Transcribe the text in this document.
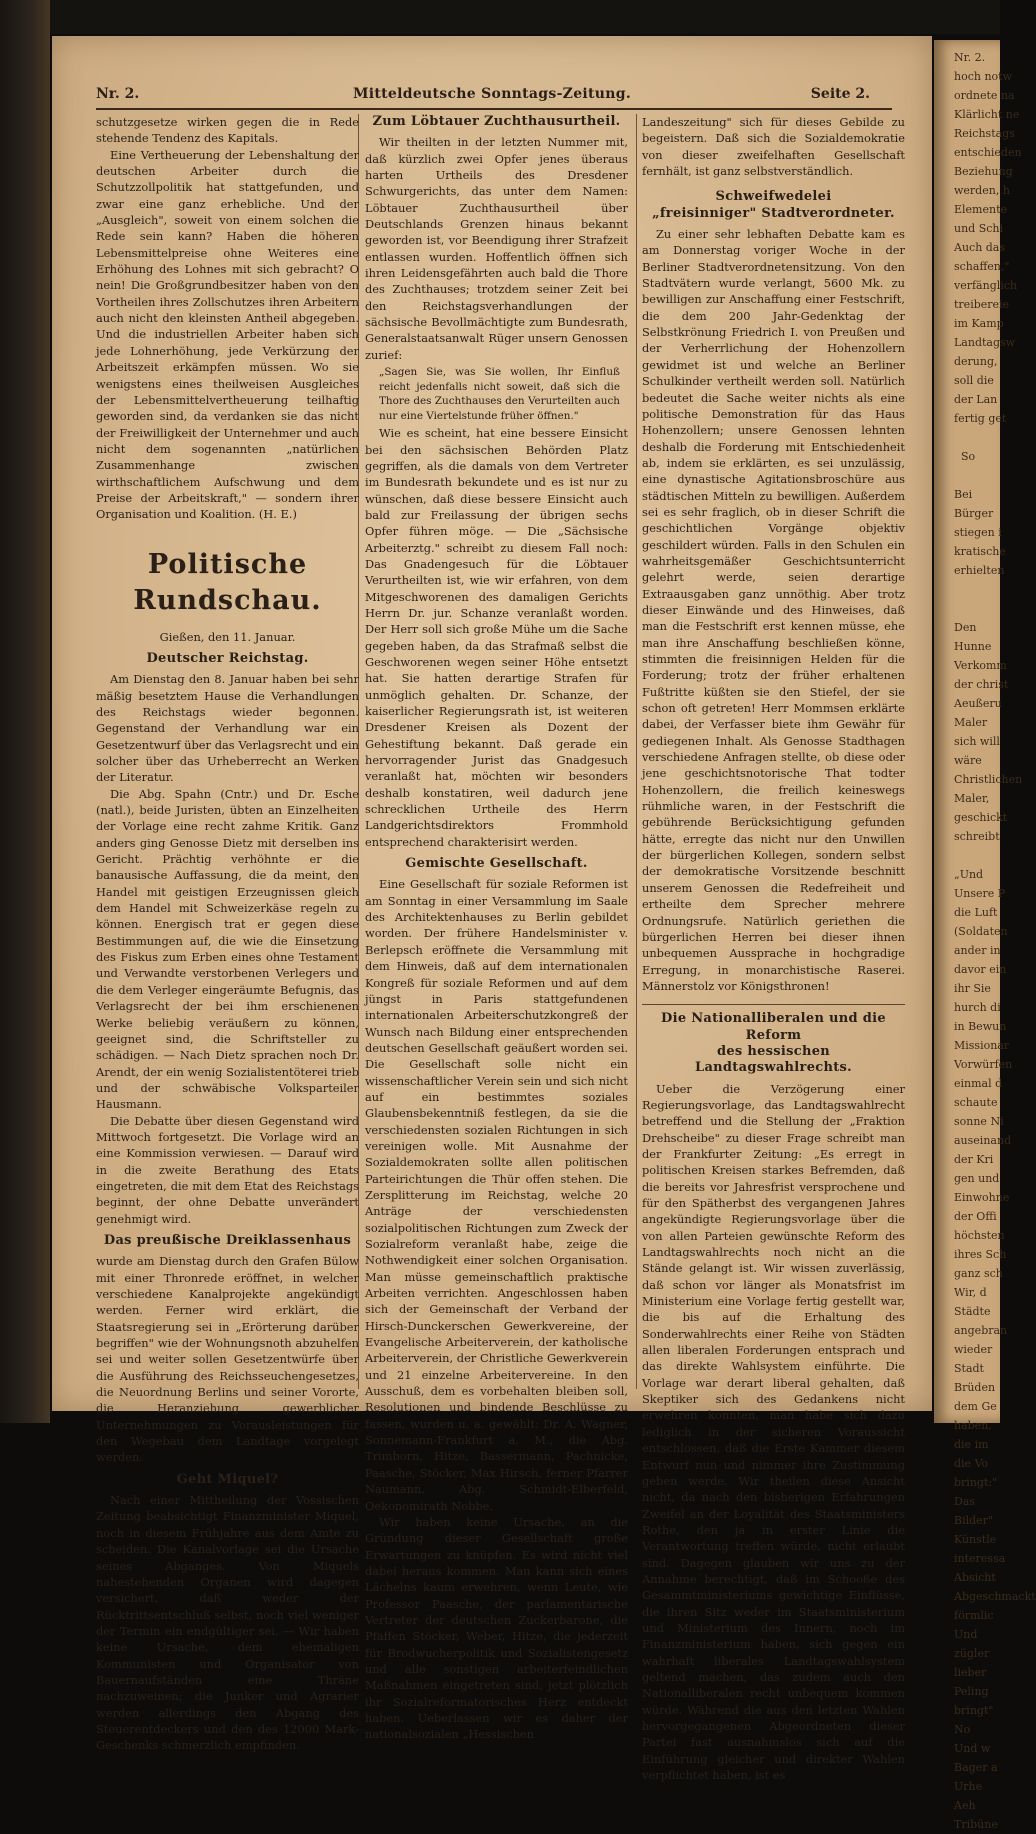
Nr. 2.	Mitteldeutsche Sonntags-Zeitung.	Seite 2.

schutzgesetze wirken gegen die in Rede stehende Tendenz des Kapitals.

Eine Vertheuerung der Lebenshaltung der deutschen Arbeiter durch die Schutzzollpolitik hat stattgefunden, und zwar eine ganz erhebliche. Und der „Ausgleich", soweit von einem solchen die Rede sein kann? Haben die höheren Lebensmittelpreise ohne Weiteres eine Erhöhung des Lohnes mit sich gebracht? O nein! Die Großgrundbesitzer haben von den Vortheilen ihres Zollschutzes ihren Arbeitern auch nicht den kleinsten Antheil abgegeben. Und die industriellen Arbeiter haben sich jede Lohnerhöhung, jede Verkürzung der Arbeitszeit erkämpfen müssen. Wo sie wenigstens eines theilweisen Ausgleiches der Lebensmittelvertheuerung teilhaftig geworden sind, da verdanken sie das nicht der Freiwilligkeit der Unternehmer und auch nicht dem sogenannten „natürlichen Zusammenhange zwischen wirthschaftlichem Aufschwung und dem Preise der Arbeitskraft," — sondern ihrer Organisation und Koalition. (H. E.)

Politische Rundschau.
Gießen, den 11. Januar.
Deutscher Reichstag.

Am Dienstag den 8. Januar haben bei sehr mäßig besetztem Hause die Verhandlungen des Reichstags wieder begonnen. Gegenstand der Verhandlung war ein Gesetzentwurf über das Verlagsrecht und ein solcher über das Urheberrecht an Werken der Literatur.

Die Abg. Spahn (Cntr.) und Dr. Esche (natl.), beide Juristen, übten an Einzelheiten der Vorlage eine recht zahme Kritik. Ganz anders ging Genosse Dietz mit derselben ins Gericht. Prächtig verhöhnte er die banausische Auffassung, die da meint, den Handel mit geistigen Erzeugnissen gleich dem Handel mit Schweizerkäse regeln zu können. Energisch trat er gegen diese Bestimmungen auf, die wie die Einsetzung des Fiskus zum Erben eines ohne Testament und Verwandte verstorbenen Verlegers und die dem Verleger eingeräumte Befugnis, das Verlagsrecht der bei ihm erschienenen Werke beliebig veräußern zu können, geeignet sind, die Schriftsteller zu schädigen. — Nach Dietz sprachen noch Dr. Arendt, der ein wenig Sozialistentöterei trieb und der schwäbische Volksparteiler Hausmann.

Die Debatte über diesen Gegenstand wird Mittwoch fortgesetzt. Die Vorlage wird an eine Kommission verwiesen. — Darauf wird in die zweite Berathung des Etats eingetreten, die mit dem Etat des Reichstags beginnt, der ohne Debatte unverändert genehmigt wird.

Das preußische Dreiklassenhaus

wurde am Dienstag durch den Grafen Bülow mit einer Thronrede eröffnet, in welcher verschiedene Kanalprojekte angekündigt werden. Ferner wird erklärt, die Staatsregierung sei in „Erörterung darüber begriffen" wie der Wohnungsnoth abzuhelfen sei und weiter sollen Gesetzentwürfe über die Ausführung des Reichsseuchengesetzes, die Neuordnung Berlins und seiner Vororte, die Heranziehung gewerblicher Unternehmungen zu Vorausleistungen für den Wegebau dem Landtage vorgelegt werden.

Geht Miquel?

Nach einer Mittheilung der Vossischen Zeitung beabsichtigt Finanzminister Miquel, noch in diesem Frühjahre aus dem Amte zu scheiden. Die Kanalvorlage sei die Ursache seines Abganges. Von Miquels nahestehenden Organen wird dagegen versichert, daß weder der Rücktrittsentschluß selbst, noch viel weniger der Termin ein endgültiger sei. — Wir haben keine Ursache, dem ehemaligen Kommunisten und Organisator von Bauernaufständen eine Thräne nachzuweinen; die Junker und Agrarier werden allerdings den Abgang des Steuerentdeckers und den des 12000 Mark-Geschenks schmerzlich empfinden.

Zum Löbtauer Zuchthausurtheil.

Wir theilten in der letzten Nummer mit, daß kürzlich zwei Opfer jenes überaus harten Urtheils des Dresdener Schwurgerichts, das unter dem Namen: Löbtauer Zuchthausurtheil über Deutschlands Grenzen hinaus bekannt geworden ist, vor Beendigung ihrer Strafzeit entlassen wurden. Hoffentlich öffnen sich ihren Leidensgefährten auch bald die Thore des Zuchthauses; trotzdem seiner Zeit bei den Reichstagsverhandlungen der sächsische Bevollmächtigte zum Bundesrath, Generalstaatsanwalt Rüger unsern Genossen zurief:

„Sagen Sie, was Sie wollen, Ihr Einfluß reicht jedenfalls nicht soweit, daß sich die Thore des Zuchthauses den Verurteilten auch nur eine Viertelstunde früher öffnen."

Wie es scheint, hat eine bessere Einsicht bei den sächsischen Behörden Platz gegriffen, als die damals von dem Vertreter im Bundesrath bekundete und es ist nur zu wünschen, daß diese bessere Einsicht auch bald zur Freilassung der übrigen sechs Opfer führen möge. — Die „Sächsische Arbeiterztg." schreibt zu diesem Fall noch: Das Gnadengesuch für die Löbtauer Verurtheilten ist, wie wir erfahren, von dem Mitgeschworenen des damaligen Gerichts Herrn Dr. jur. Schanze veranlaßt worden. Der Herr soll sich große Mühe um die Sache gegeben haben, da das Strafmaß selbst die Geschworenen wegen seiner Höhe entsetzt hat. Sie hatten derartige Strafen für unmöglich gehalten. Dr. Schanze, der kaiserlicher Regierungsrath ist, ist weiteren Dresdener Kreisen als Dozent der Gehestiftung bekannt. Daß gerade ein hervorragender Jurist das Gnadgesuch veranlaßt hat, möchten wir besonders deshalb konstatiren, weil dadurch jene schrecklichen Urtheile des Herrn Landgerichtsdirektors Frommhold entsprechend charakterisirt werden.

Gemischte Gesellschaft.

Eine Gesellschaft für soziale Reformen ist am Sonntag in einer Versammlung im Saale des Architektenhauses zu Berlin gebildet worden. Der frühere Handelsminister v. Berlepsch eröffnete die Versammlung mit dem Hinweis, daß auf dem internationalen Kongreß für soziale Reformen und auf dem jüngst in Paris stattgefundenen internationalen Arbeiterschutzkongreß der Wunsch nach Bildung einer entsprechenden deutschen Gesellschaft geäußert worden sei. Die Gesellschaft solle nicht ein wissenschaftlicher Verein sein und sich nicht auf ein bestimmtes soziales Glaubensbekenntniß festlegen, da sie die verschiedensten sozialen Richtungen in sich vereinigen wolle. Mit Ausnahme der Sozialdemokraten sollte allen politischen Parteirichtungen die Thür offen stehen. Die Zersplitterung im Reichstag, welche 20 Anträge der verschiedensten sozialpolitischen Richtungen zum Zweck der Sozialreform veranlaßt habe, zeige die Nothwendigkeit einer solchen Organisation. Man müsse gemeinschaftlich praktische Arbeiten verrichten. Angeschlossen haben sich der Gemeinschaft der Verband der Hirsch-Dunckerschen Gewerkvereine, der Evangelische Arbeiterverein, der katholische Arbeiterverein, der Christliche Gewerkverein und 21 einzelne Arbeitervereine. In den Ausschuß, dem es vorbehalten bleiben soll, Resolutionen und bindende Beschlüsse zu fassen, wurden u. a. gewählt: Dr. A. Wagner, Sonnemann-Frankfurt a. M., die Abg. Trimborn, Hitze, Bassermann, Pachnicke, Paasche, Stöcker, Max Hirsch, ferner Pfarrer Naumann, Abg. Schmidt-Elberfeld, Oekonomirath Nobbe.

Wir haben keine Ursache, an die Gründung dieser Gesellschaft große Erwartungen zu knüpfen. Es wird nicht viel dabei heraus kommen. Man kann sich eines Lächelns kaum erwehren, wenn Leute, wie Professor Paasche, der parlamentarische Vertreter der deutschen Zuckerbarone, die Pfaffen Stöcker, Weber, Hitze, die jederzeit für Brodwucherpolitik und Sozialistengesetz und alle sonstigen arbeiterfeindlichen Maßnahmen eingetreten sind, jetzt plötzlich ihr Sozialreformatorisches Herz entdeckt haben. Ueberlassen wir es daher der nationalsozialen „Hessischen

Landeszeitung" sich für dieses Gebilde zu begeistern. Daß sich die Sozialdemokratie von dieser zweifelhaften Gesellschaft fernhält, ist ganz selbstverständlich.

Schweifwedelei
„freisinniger" Stadtverordneter.

Zu einer sehr lebhaften Debatte kam es am Donnerstag voriger Woche in der Berliner Stadtverordnetensitzung. Von den Stadtvätern wurde verlangt, 5600 Mk. zu bewilligen zur Anschaffung einer Festschrift, die dem 200 Jahr-Gedenktag der Selbstkrönung Friedrich I. von Preußen und der Verherrlichung der Hohenzollern gewidmet ist und welche an Berliner Schulkinder vertheilt werden soll. Natürlich bedeutet die Sache weiter nichts als eine politische Demonstration für das Haus Hohenzollern; unsere Genossen lehnten deshalb die Forderung mit Entschiedenheit ab, indem sie erklärten, es sei unzulässig, eine dynastische Agitationsbroschüre aus städtischen Mitteln zu bewilligen. Außerdem sei es sehr fraglich, ob in dieser Schrift die geschichtlichen Vorgänge objektiv geschildert würden. Falls in den Schulen ein wahrheitsgemäßer Geschichtsunterricht gelehrt werde, seien derartige Extraausgaben ganz unnöthig. Aber trotz dieser Einwände und des Hinweises, daß man die Festschrift erst kennen müsse, ehe man ihre Anschaffung beschließen könne, stimmten die freisinnigen Helden für die Forderung; trotz der früher erhaltenen Fußtritte küßten sie den Stiefel, der sie schon oft getreten! Herr Mommsen erklärte dabei, der Verfasser biete ihm Gewähr für gediegenen Inhalt. Als Genosse Stadthagen verschiedene Anfragen stellte, ob diese oder jene geschichtsnotorische That todter Hohenzollern, die freilich keineswegs rühmliche waren, in der Festschrift die gebührende Berücksichtigung gefunden hätte, erregte das nicht nur den Unwillen der bürgerlichen Kollegen, sondern selbst der demokratische Vorsitzende beschnitt unserem Genossen die Redefreiheit und ertheilte dem Sprecher mehrere Ordnungsrufe. Natürlich geriethen die bürgerlichen Herren bei dieser ihnen unbequemen Aussprache in hochgradige Erregung, in monarchistische Raserei. Männerstolz vor Königsthronen!

Die Nationalliberalen und die Reform
des hessischen Landtagswahlrechts.

Ueber die Verzögerung einer Regierungsvorlage, das Landtagswahlrecht betreffend und die Stellung der „Fraktion Drehscheibe" zu dieser Frage schreibt man der Frankfurter Zeitung: „Es erregt in politischen Kreisen starkes Befremden, daß die bereits vor Jahresfrist versprochene und für den Spätherbst des vergangenen Jahres angekündigte Regierungsvorlage über die von allen Parteien gewünschte Reform des Landtagswahlrechts noch nicht an die Stände gelangt ist. Wir wissen zuverlässig, daß schon vor länger als Monatsfrist im Ministerium eine Vorlage fertig gestellt war, die bis auf die Erhaltung des Sonderwahlrechts einer Reihe von Städten allen liberalen Forderungen entsprach und das direkte Wahlsystem einführte. Die Vorlage war derart liberal gehalten, daß Skeptiker sich des Gedankens nicht erwehren konnten, man habe sich dazu lediglich in der sicheren Voraussicht entschlossen, daß die Erste Kammer diesem Entwurf nun und nimmer ihre Zustimmung geben werde. Wir theilen diese Ansicht nicht, da nach den bisherigen Erfahrungen Zweifel an der Loyalität des Staatsministers Rothe, den ja in erster Linie die Verantwortung treffen würde, nicht erlaubt sind. Dagegen glauben wir uns zu der Annahme berechtigt, daß im Schooße des Gesammtministeriums gewichtige Einflüsse, die ihren Sitz weder im Staatsministerium und Ministerium des Innern, noch im Finanzministerium haben, sich gegen ein wahrhaft liberales Landtagswahlsystem geltend machen, das zudem auch den Nationalliberalen recht unbequem kommen würde. Während die aus den letzten Wahlen hervorgegangenen Abgeordneten dieser Partei fast ausnahmslos sich auf die Einführung gleicher und direkter Wahlen verpflichtet haben, ist es

Nr. 2.
hoch notw
ordnete na
Klärlicht ne
Reichstags
entschieden
Beziehung
werden, h
Elemente
und Schi
Auch das
schaffen,"
verfänglich
treibereie
im Kamp
Landtagsw
derung,
soll die
der Lan
fertig get

So

Bei
Bürger
stiegen i
kratische
erhielten

Den
Hunne
Verkomm
der christ
Aeußeru
Maler
sich will
wäre
Christlichen
Maler,
geschickt
schreibt

„Und
Unsere P
die Luft
(Soldaten
ander in
davor ein
ihr Sie
hurch di
in Bewun
Missionar
Vorwürfen
einmal d
schaute
sonne Ni
auseinand
der Kri
gen und
Einwohne
der Offi
höchsten
ihres Sch
ganz sch
Wir, d
Städte
angebran
wieder
Stadt
Brüden
dem Ge
haben,
die im
die Vo
bringt:"
Das
Bilder"
Künstle
interessa
Absicht
Abgeschmackt
förmlic
Und
zügler
lieber
Peling
bringt"
No
Und w
Bager a
Urhe
Aeh
Tribüne
